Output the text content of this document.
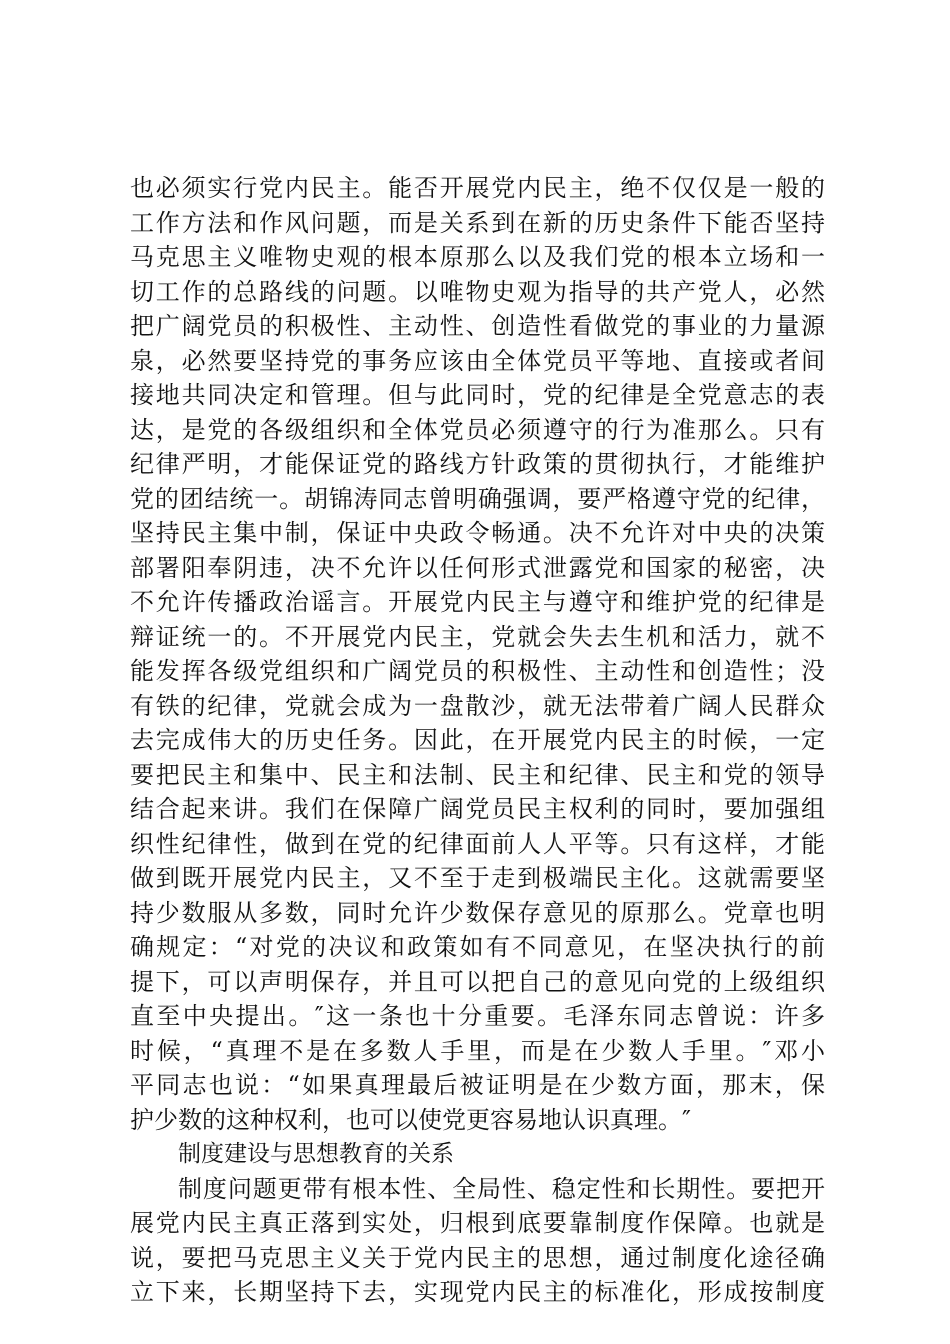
也必须实行党内民主。能否开展党内民主，绝不仅仅是一般的
工作方法和作风问题，而是关系到在新的历史条件下能否坚持
马克思主义唯物史观的根本原那么以及我们党的根本立场和一
切工作的总路线的问题。以唯物史观为指导的共产党人，必然
把广阔党员的积极性、主动性、创造性看做党的事业的力量源
泉，必然要坚持党的事务应该由全体党员平等地、直接或者间
接地共同决定和管理。但与此同时，党的纪律是全党意志的表
达，是党的各级组织和全体党员必须遵守的行为准那么。只有
纪律严明，才能保证党的路线方针政策的贯彻执行，才能维护
党的团结统一。胡锦涛同志曾明确强调，要严格遵守党的纪律，
坚持民主集中制，保证中央政令畅通。决不允许对中央的决策
部署阳奉阴违，决不允许以任何形式泄露党和国家的秘密，决
不允许传播政治谣言。开展党内民主与遵守和维护党的纪律是
辩证统一的。不开展党内民主，党就会失去生机和活力，就不
能发挥各级党组织和广阔党员的积极性、主动性和创造性；没
有铁的纪律，党就会成为一盘散沙，就无法带着广阔人民群众
去完成伟大的历史任务。因此，在开展党内民主的时候，一定
要把民主和集中、民主和法制、民主和纪律、民主和党的领导
结合起来讲。我们在保障广阔党员民主权利的同时，要加强组
织性纪律性，做到在党的纪律面前人人平等。只有这样，才能
做到既开展党内民主，又不至于走到极端民主化。这就需要坚
持少数服从多数，同时允许少数保存意见的原那么。党章也明
确规定：“对党的决议和政策如有不同意见，在坚决执行的前
提下，可以声明保存，并且可以把自己的意见向党的上级组织
直至中央提出。″这一条也十分重要。毛泽东同志曾说：许多
时候，“真理不是在多数人手里，而是在少数人手里。″邓小
平同志也说：“如果真理最后被证明是在少数方面，那末，保
护少数的这种权利，也可以使党更容易地认识真理。″
制度建设与思想教育的关系
制度问题更带有根本性、全局性、稳定性和长期性。要把开
展党内民主真正落到实处，归根到底要靠制度作保障。也就是
说，要把马克思主义关于党内民主的思想，通过制度化途径确
立下来，长期坚持下去，实现党内民主的标准化，形成按制度
